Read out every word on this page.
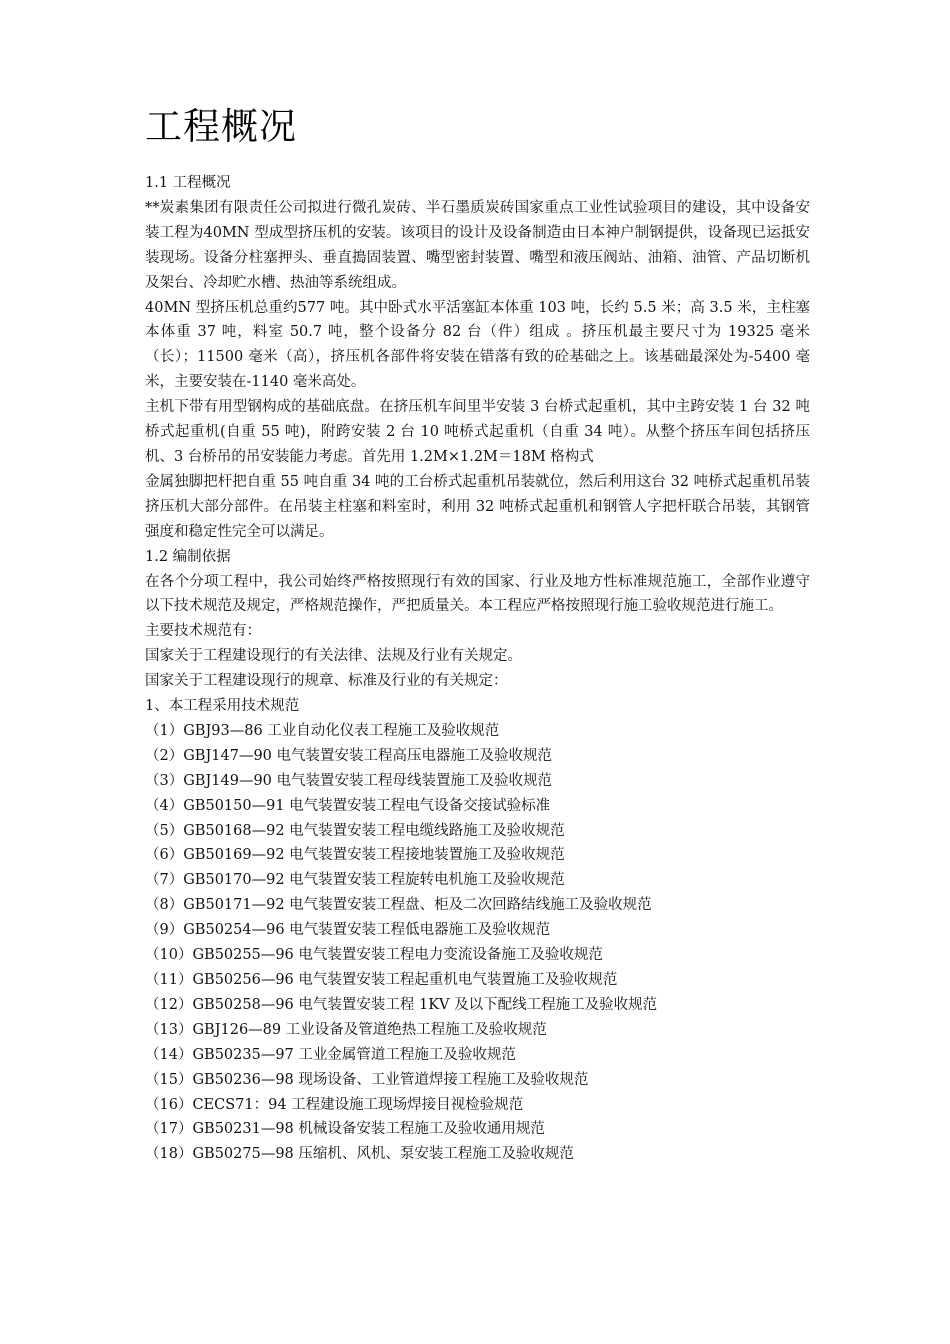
工程概况

1.1 工程概况

**炭素集团有限责任公司拟进行微孔炭砖、半石墨质炭砖国家重点工业性试验项目的建设，其中设备安装工程为40MN 型成型挤压机的安装。该项目的设计及设备制造由日本神户制钢提供，设备现已运抵安装现场。设备分柱塞押头、垂直搗固装置、嘴型密封装置、嘴型和液压阀站、油箱、油管、产品切断机及架台、冷却贮水槽、热油等系统组成。

40MN 型挤压机总重约577 吨。其中卧式水平活塞缸本体重 103 吨，长约 5.5 米；高 3.5 米，主柱塞本体重 37 吨，料室 50.7 吨，整个设备分 82 台（件）组成 。挤压机最主要尺寸为 19325 毫米（长）；11500 毫米（高），挤压机各部件将安装在错落有致的砼基础之上。该基础最深处为-5400 毫米，主要安装在-1140 毫米高处。

主机下带有用型钢构成的基础底盘。在挤压机车间里半安装 3 台桥式起重机，其中主跨安装 1 台 32 吨桥式起重机(自重 55 吨)，附跨安装 2 台 10 吨桥式起重机（自重 34 吨）。从整个挤压车间包括挤压机、3 台桥吊的吊安装能力考虑。首先用 1.2M×1.2M＝18M 格构式

金属独脚把杆把自重 55 吨自重 34 吨的工台桥式起重机吊装就位，然后利用这台 32 吨桥式起重机吊装挤压机大部分部件。在吊装主柱塞和料室时，利用 32 吨桥式起重机和钢管人字把杆联合吊装，其钢管强度和稳定性完全可以满足。

1.2 编制依据

在各个分项工程中，我公司始终严格按照现行有效的国家、行业及地方性标准规范施工，全部作业遵守以下技术规范及规定，严格规范操作，严把质量关。本工程应严格按照现行施工验收规范进行施工。

主要技术规范有：

国家关于工程建设现行的有关法律、法规及行业有关规定。

国家关于工程建设现行的规章、标准及行业的有关规定：

1、本工程采用技术规范

（1）GBJ93—86 工业自动化仪表工程施工及验收规范

（2）GBJ147—90 电气装置安装工程高压电器施工及验收规范

（3）GBJ149—90 电气装置安装工程母线装置施工及验收规范

（4）GB50150—91 电气装置安装工程电气设备交接试验标准

（5）GB50168—92 电气装置安装工程电缆线路施工及验收规范

（6）GB50169—92 电气装置安装工程接地装置施工及验收规范

（7）GB50170—92 电气装置安装工程旋转电机施工及验收规范

（8）GB50171—92 电气装置安装工程盘、柜及二次回路结线施工及验收规范

（9）GB50254—96 电气装置安装工程低电器施工及验收规范

（10）GB50255—96 电气装置安装工程电力变流设备施工及验收规范

（11）GB50256—96 电气装置安装工程起重机电气装置施工及验收规范

（12）GB50258—96 电气装置安装工程 1KV 及以下配线工程施工及验收规范

（13）GBJ126—89 工业设备及管道绝热工程施工及验收规范

（14）GB50235—97 工业金属管道工程施工及验收规范

（15）GB50236—98 现场设备、工业管道焊接工程施工及验收规范

（16）CECS71：94 工程建设施工现场焊接目视检验规范

（17）GB50231—98 机械设备安装工程施工及验收通用规范

（18）GB50275—98 压缩机、风机、泵安装工程施工及验收规范
